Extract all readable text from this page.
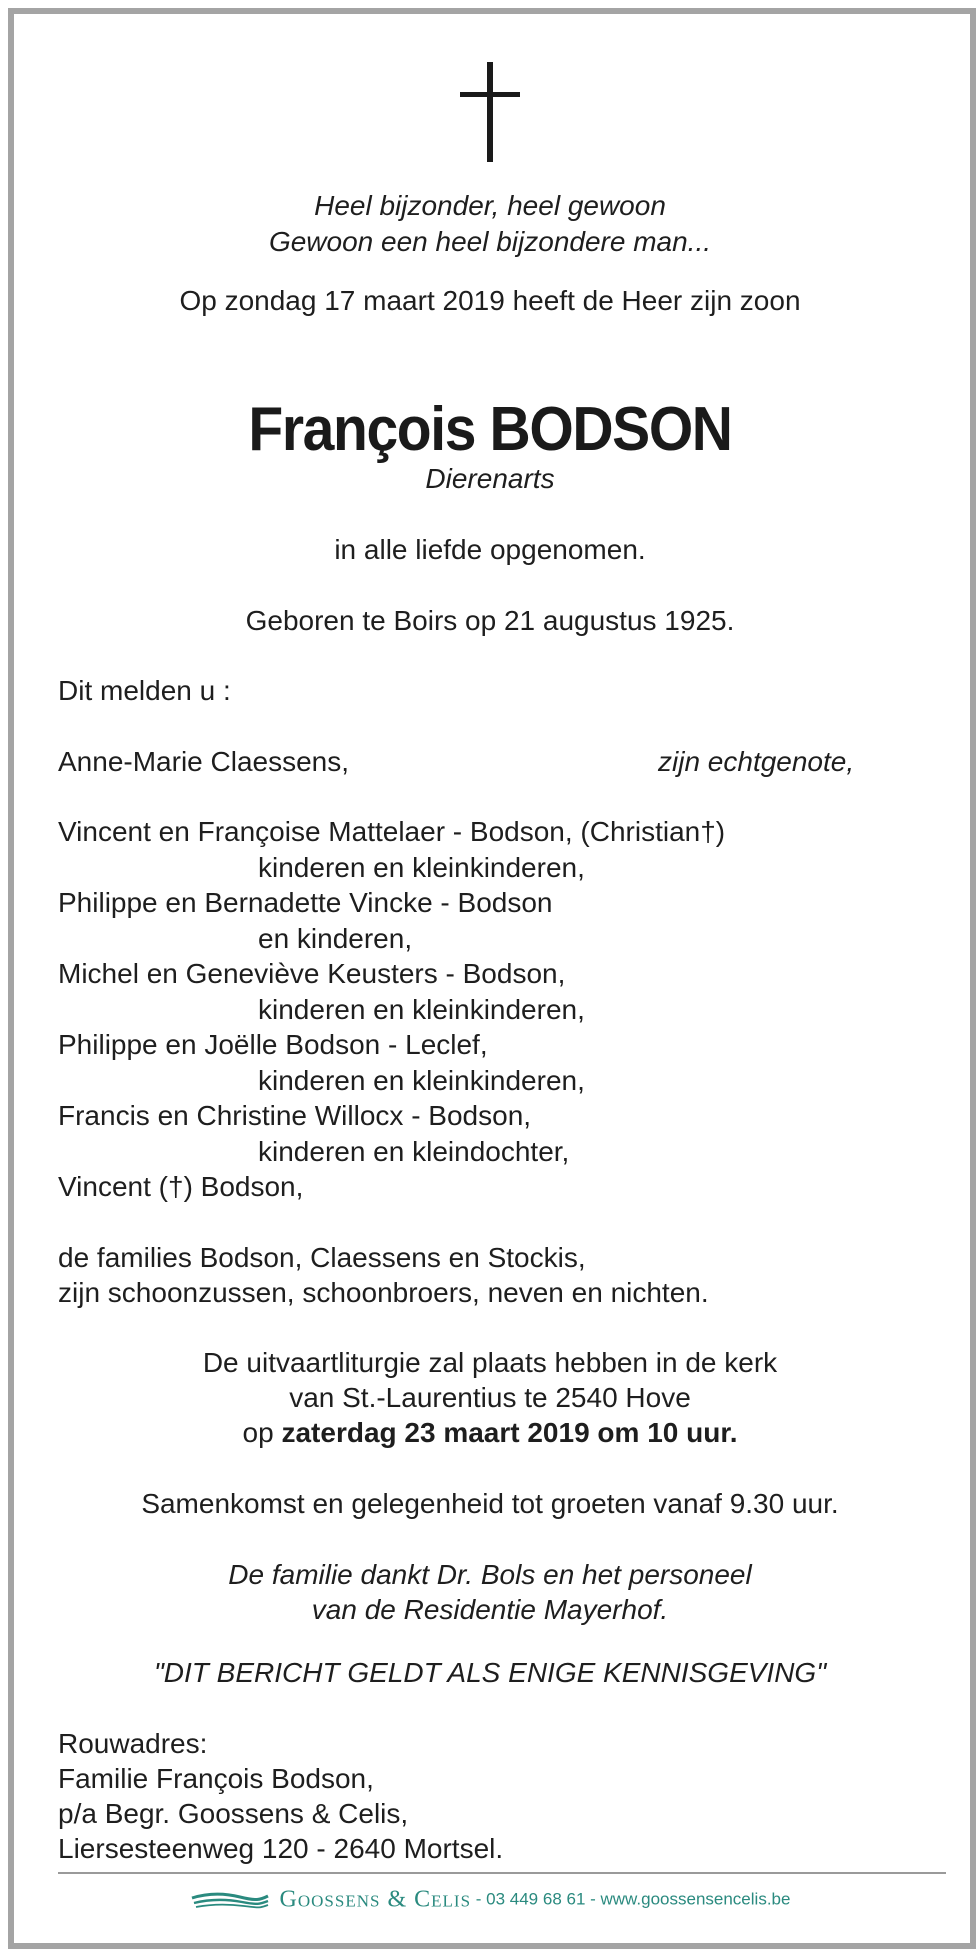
Heel bijzonder, heel gewoon

Gewoon een heel bijzondere man...

Op zondag 17 maart 2019 heeft de Heer zijn zoon

François BODSON

Dierenarts

in alle liefde opgenomen.

Geboren te Boirs op 21 augustus 1925.

Dit melden u :

Anne-Marie Claessens,	zijn echtgenote,

Vincent en Françoise Mattelaer - Bodson, (Christian†)

kinderen en kleinkinderen,

Philippe en Bernadette Vincke - Bodson

en kinderen,

Michel en Geneviève Keusters - Bodson,

kinderen en kleinkinderen,

Philippe en Joëlle Bodson - Leclef,

kinderen en kleinkinderen,

Francis en Christine Willocx - Bodson,

kinderen en kleindochter,

Vincent (†) Bodson,

de families Bodson, Claessens en Stockis,

zijn schoonzussen, schoonbroers, neven en nichten.

De uitvaartliturgie zal plaats hebben in de kerk

van St.-Laurentius te 2540 Hove

op zaterdag 23 maart 2019 om 10 uur.

Samenkomst en gelegenheid tot groeten vanaf 9.30 uur.

De familie dankt Dr. Bols en het personeel

van de Residentie Mayerhof.

"DIT BERICHT GELDT ALS ENIGE KENNISGEVING"

Rouwadres:

Familie François Bodson,

p/a Begr. Goossens & Celis,

Liersesteenweg 120 - 2640 Mortsel.

Goossens & Celis - 03 449 68 61 - www.goossensencelis.be
